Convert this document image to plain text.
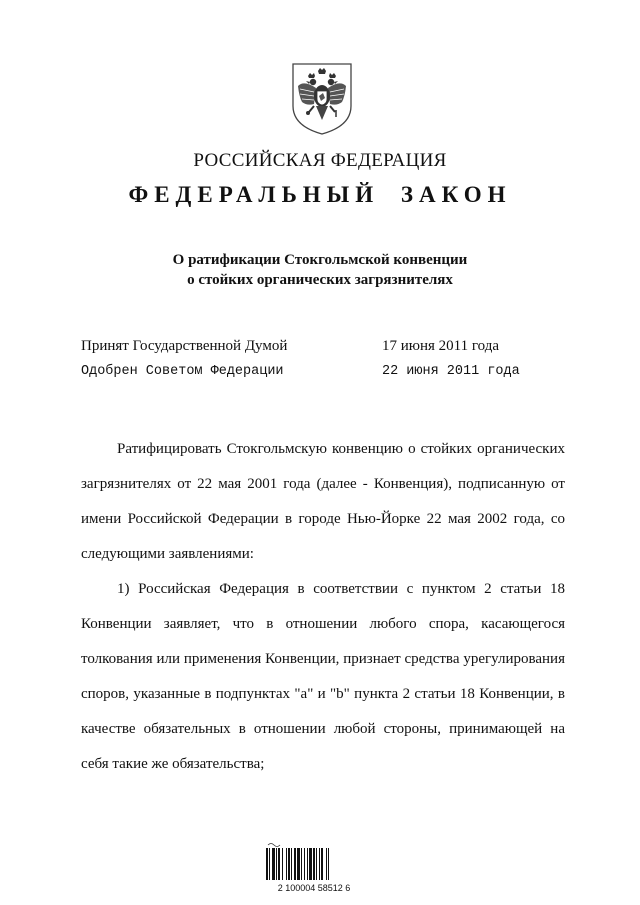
РОССИЙСКАЯ ФЕДЕРАЦИЯ
ФЕДЕРАЛЬНЫЙ ЗАКОН
О ратификации Стокгольмской конвенции
о стойких органических загрязнителях
Принят Государственной Думой	17 июня 2011 года
Одобрен Советом Федерации	22 июня 2011 года

Ратифицировать Стокгольмскую конвенцию о стойких органических загрязнителях от 22 мая 2001 года (далее - Конвенция), подписанную от имени Российской Федерации в городе Нью-Йорке 22 мая 2002 года, со следующими заявлениями:

1) Российская Федерация в соответствии с пунктом 2 статьи 18 Конвенции заявляет, что в отношении любого спора, касающегося толкования или применения Конвенции, признает средства урегулирования споров, указанные в подпунктах "a" и "b" пункта 2 статьи 18 Конвенции, в качестве обязательных в отношении любой стороны, принимающей на себя такие же обязательства;

2 100004 58512 6
